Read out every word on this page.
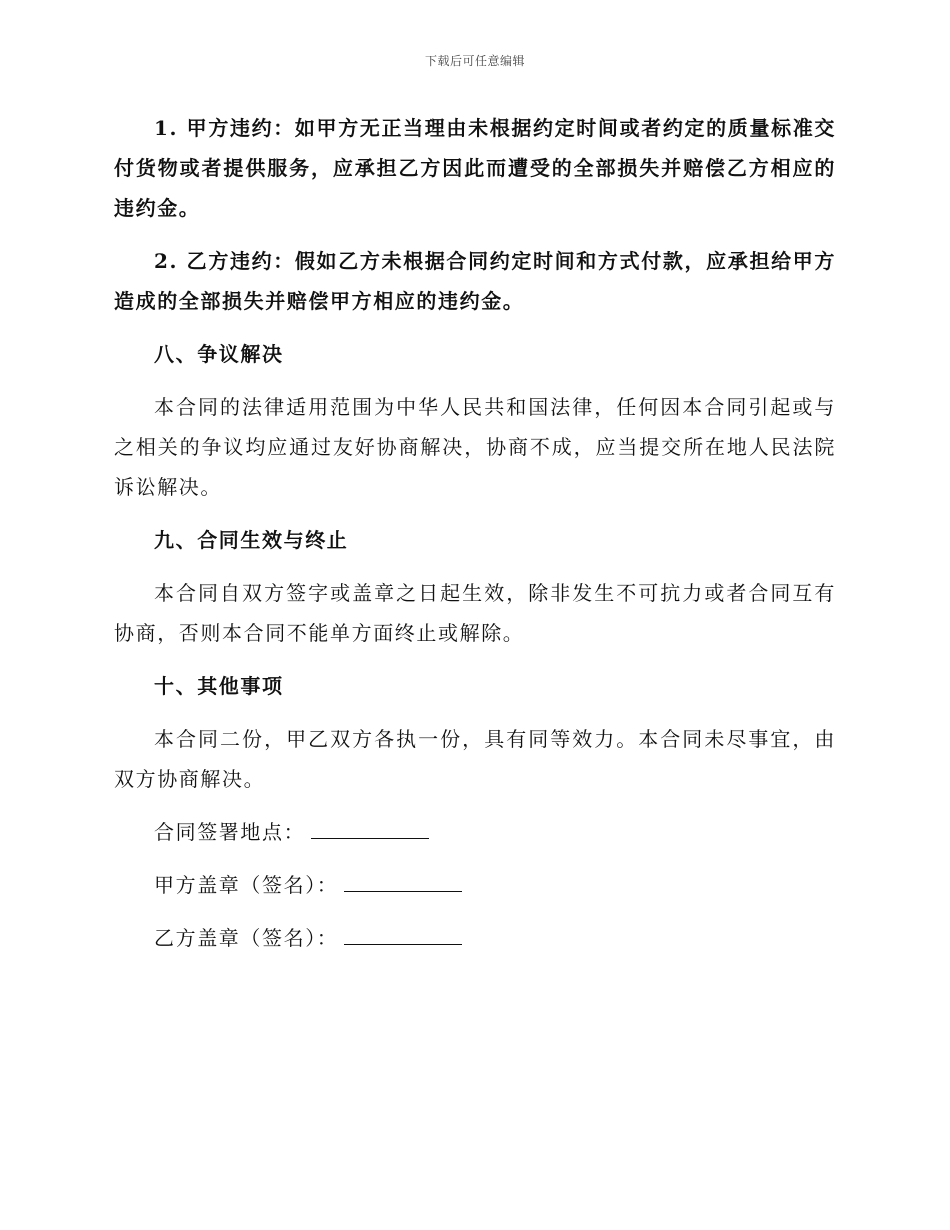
下载后可任意编辑

1. 甲方违约：如甲方无正当理由未根据约定时间或者约定的质量标准交付货物或者提供服务，应承担乙方因此而遭受的全部损失并赔偿乙方相应的违约金。

2. 乙方违约：假如乙方未根据合同约定时间和方式付款，应承担给甲方造成的全部损失并赔偿甲方相应的违约金。

八、争议解决

本合同的法律适用范围为中华人民共和国法律，任何因本合同引起或与之相关的争议均应通过友好协商解决，协商不成，应当提交所在地人民法院诉讼解决。

九、合同生效与终止

本合同自双方签字或盖章之日起生效，除非发生不可抗力或者合同互有协商，否则本合同不能单方面终止或解除。

十、其他事项

本合同二份，甲乙双方各执一份，具有同等效力。本合同未尽事宜，由双方协商解决。

合同签署地点：
甲方盖章（签名）：
乙方盖章（签名）：
